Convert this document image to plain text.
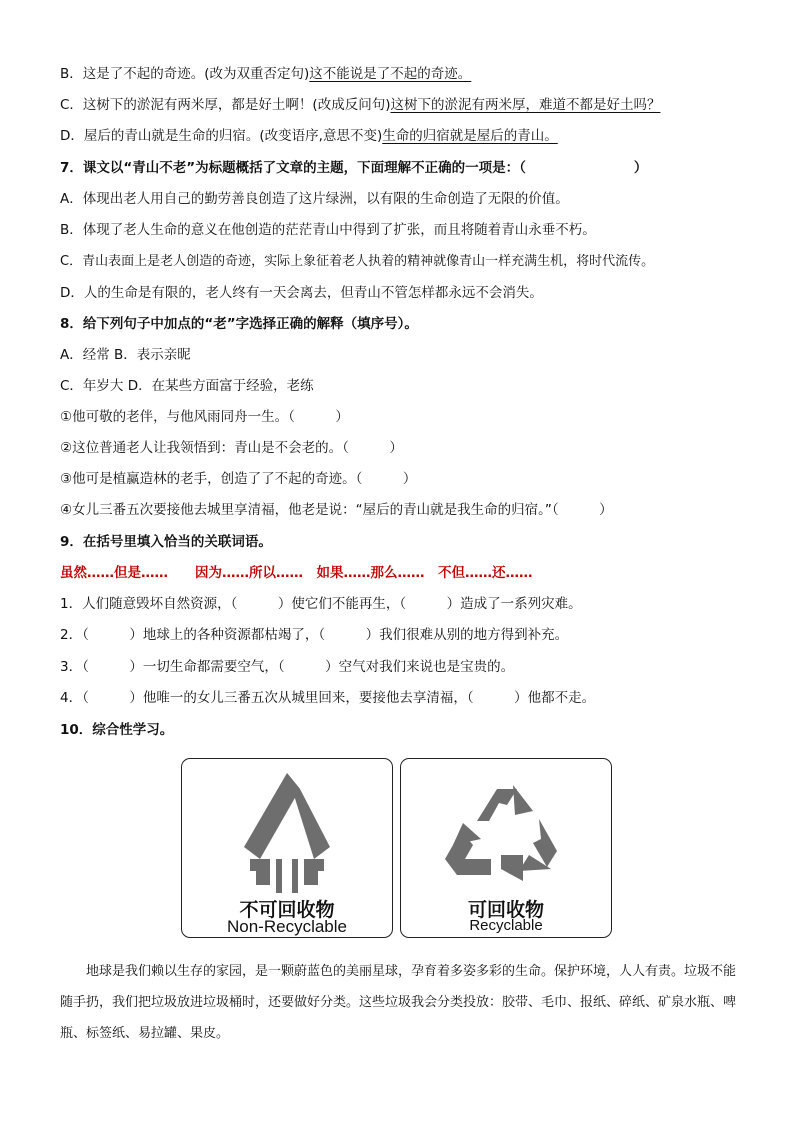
B．这是了不起的奇迹。(改为双重否定句)这不能说是了不起的奇迹。
C．这树下的淤泥有两米厚，都是好土啊！(改成反问句)这树下的淤泥有两米厚，难道不都是好土吗？
D．屋后的青山就是生命的归宿。(改变语序,意思不变)生命的归宿就是屋后的青山。
7．课文以“青山不老”为标题概括了文章的主题，下面理解不正确的一项是：（　　　　　　　　）
A．体现出老人用自己的勤劳善良创造了这片绿洲，以有限的生命创造了无限的价值。
B．体现了老人生命的意义在他创造的茫茫青山中得到了扩张，而且将随着青山永垂不朽。
C．青山表面上是老人创造的奇迹，实际上象征着老人执着的精神就像青山一样充满生机，将时代流传。
D．人的生命是有限的，老人终有一天会离去，但青山不管怎样都永远不会消失。
8．给下列句子中加点的“老”字选择正确的解释（填序号）。
A．经常 B．表示亲昵
C．年岁大 D．在某些方面富于经验，老练
①他可敬的老伴，与他风雨同舟一生。（　　　）
②这位普通老人让我领悟到：青山是不会老的。（　　　）
③他可是植赢造林的老手，创造了了不起的奇迹。（　　　）
④女儿三番五次要接他去城里享清福，他老是说：“屋后的青山就是我生命的归宿。”（　　　）
9．在括号里填入恰当的关联词语。
虽然……但是……　　因为……所以……　如果……那么……　不但……还……
1．人们随意毁坏自然资源，（　　　）使它们不能再生，（　　　）造成了一系列灾难。
2．（　　　）地球上的各种资源都枯竭了，（　　　）我们很难从别的地方得到补充。
3．（　　　）一切生命都需要空气，（　　　）空气对我们来说也是宝贵的。
4．（　　　）他唯一的女儿三番五次从城里回来，要接他去享清福，（　　　）他都不走。
10．综合性学习。
不可回收物
Non-Recyclable
可回收物
Recyclable
　　地球是我们赖以生存的家园，是一颗蔚蓝色的美丽星球，孕育着多姿多彩的生命。保护环境，人人有责。垃圾不能随手扔，我们把垃圾放进垃圾桶时，还要做好分类。这些垃圾我会分类投放：胶带、毛巾、报纸、碎纸、矿泉水瓶、啤瓶、标签纸、易拉罐、果皮。
